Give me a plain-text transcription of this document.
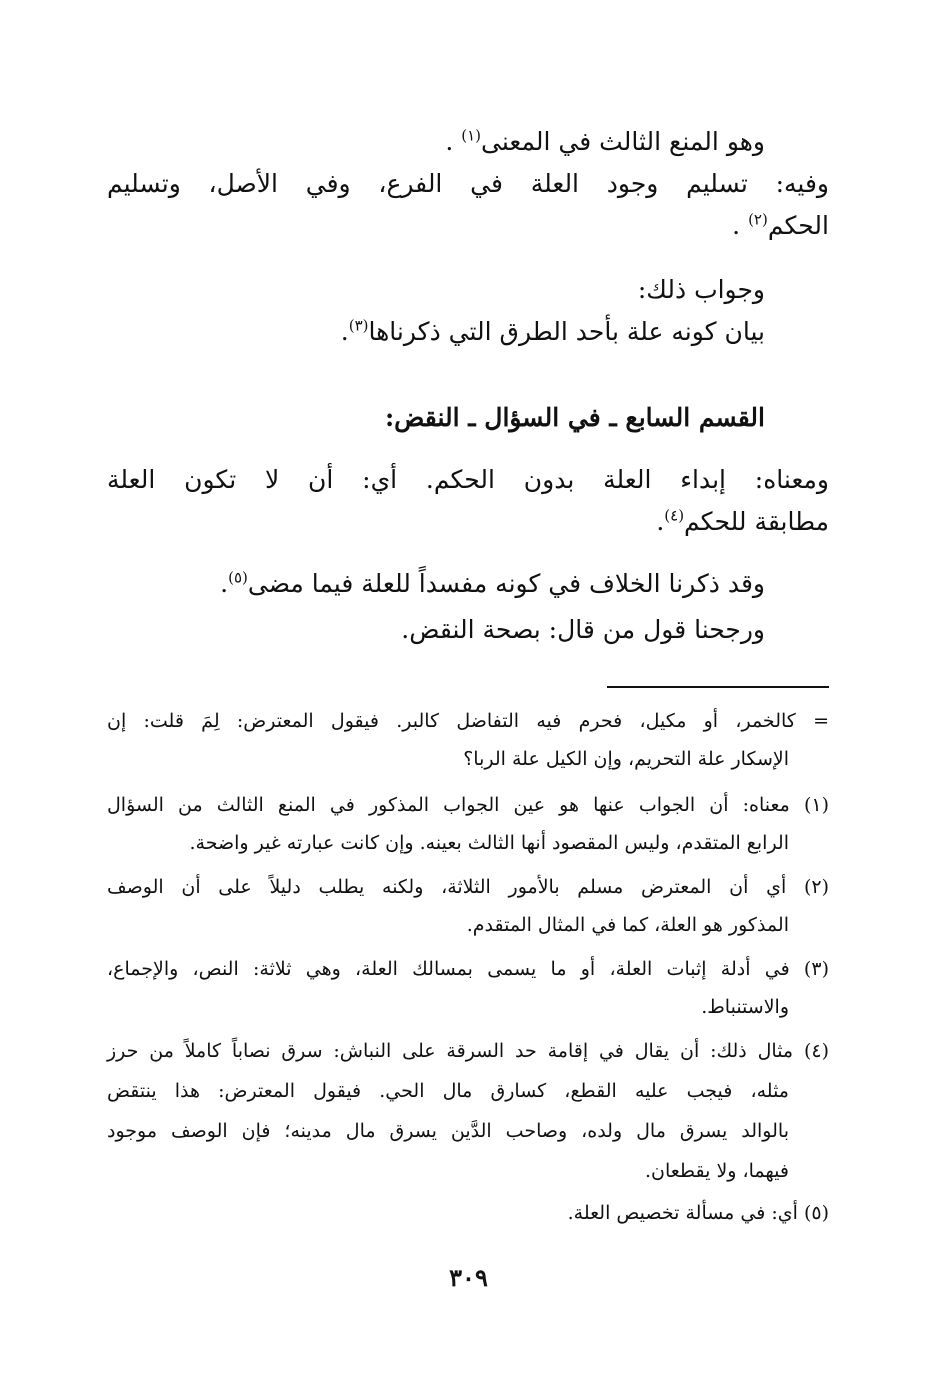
وهو المنع الثالث في المعنى$^{(١)}$ .
وفيه: تسليم وجود العلة في الفرع، وفي الأصل، وتسليم
الحكم$^{(٢)}$ .
وجواب ذلك:
بيان كونه علة بأحد الطرق التي ذكرناها$^{(٣)}$.
القسم السابع ـ في السؤال ـ النقض:
ومعناه: إبداء العلة بدون الحكم. أي: أن لا تكون العلة
مطابقة للحكم$^{(٤)}$.
وقد ذكرنا الخلاف في كونه مفسداً للعلة فيما مضى$^{(٥)}$.
ورجحنا قول من قال: بصحة النقض.
= كالخمر، أو مكيل، فحرم فيه التفاضل كالبر. فيقول المعترض: لِمَ قلت: إن
الإسكار علة التحريم، وإن الكيل علة الربا؟
(١) معناه: أن الجواب عنها هو عين الجواب المذكور في المنع الثالث من السؤال
الرابع المتقدم، وليس المقصود أنها الثالث بعينه. وإن كانت عبارته غير واضحة.
(٢) أي أن المعترض مسلم بالأمور الثلاثة، ولكنه يطلب دليلاً على أن الوصف
المذكور هو العلة، كما في المثال المتقدم.
(٣) في أدلة إثبات العلة، أو ما يسمى بمسالك العلة، وهي ثلاثة: النص، والإجماع،
والاستنباط.
(٤) مثال ذلك: أن يقال في إقامة حد السرقة على النباش: سرق نصاباً كاملاً من حرز
مثله، فيجب عليه القطع، كسارق مال الحي. فيقول المعترض: هذا ينتقض
بالوالد يسرق مال ولده، وصاحب الدَّين يسرق مال مدينه؛ فإن الوصف موجود
فيهما، ولا يقطعان.
(٥) أي: في مسألة تخصيص العلة.
٣٠٩
